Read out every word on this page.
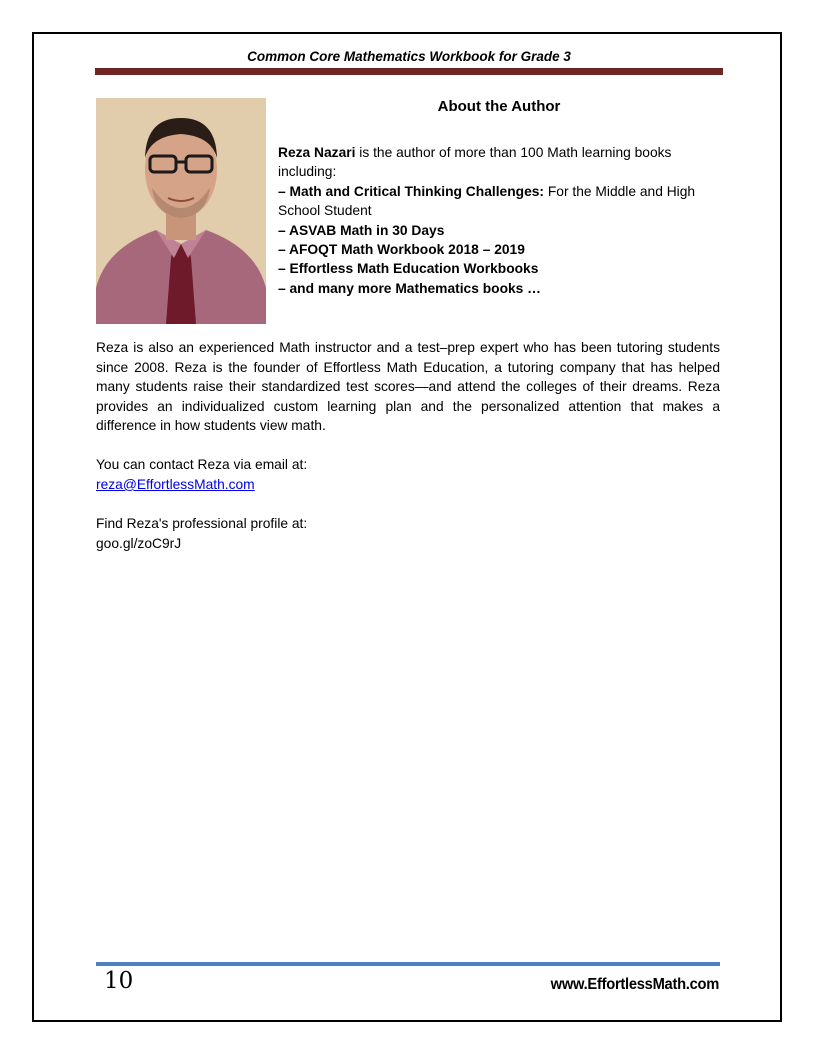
Common Core Mathematics Workbook for Grade 3
About the Author

Reza Nazari is the author of more than 100 Math learning books including:

– Math and Critical Thinking Challenges: For the Middle and High School Student

– ASVAB Math in 30 Days

– AFOQT Math Workbook 2018 – 2019

– Effortless Math Education Workbooks

– and many more Mathematics books …

Reza is also an experienced Math instructor and a test–prep expert who has been tutoring students since 2008. Reza is the founder of Effortless Math Education, a tutoring company that has helped many students raise their standardized test scores—and attend the colleges of their dreams. Reza provides an individualized custom learning plan and the personalized attention that makes a difference in how students view math.

You can contact Reza via email at:

reza@EffortlessMath.com

Find Reza's professional profile at:

goo.gl/zoC9rJ

10	www.EffortlessMath.com
